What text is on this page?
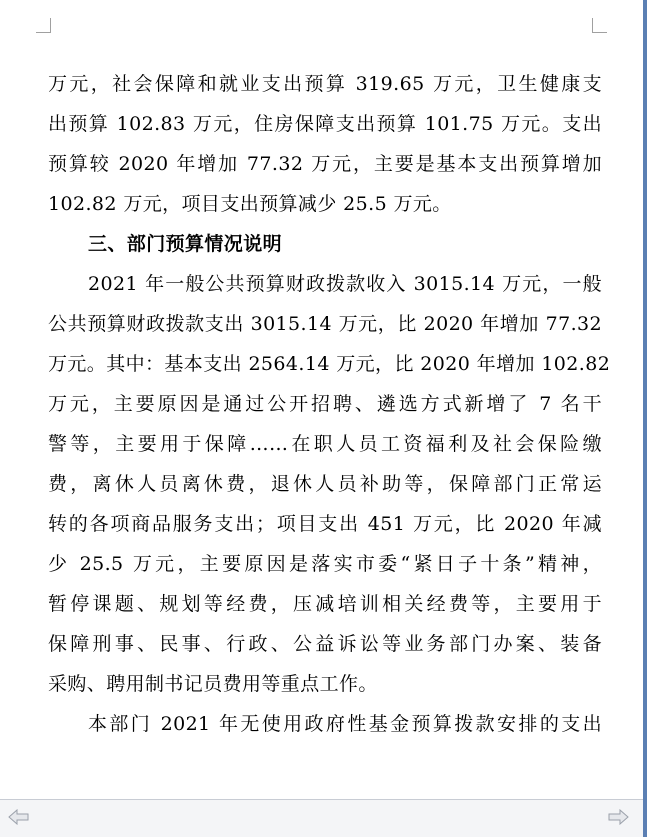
万元，社会保障和就业支出预算 319.65 万元，卫生健康支
出预算 102.83 万元，住房保障支出预算 101.75 万元。支出
预算较 2020 年增加 77.32 万元，主要是基本支出预算增加
102.82 万元，项目支出预算减少 25.5 万元。
三、部门预算情况说明
2021 年一般公共预算财政拨款收入 3015.14 万元，一般
公共预算财政拨款支出 3015.14 万元，比 2020 年增加 77.32
万元。其中：基本支出 2564.14 万元，比 2020 年增加 102.82
万元，主要原因是通过公开招聘、遴选方式新增了 7 名干
警等，主要用于保障……在职人员工资福利及社会保险缴
费，离休人员离休费，退休人员补助等，保障部门正常运
转的各项商品服务支出；项目支出 451 万元，比 2020 年减
少 25.5 万元，主要原因是落实市委“紧日子十条”精神，
暂停课题、规划等经费，压减培训相关经费等，主要用于
保障刑事、民事、行政、公益诉讼等业务部门办案、装备
采购、聘用制书记员费用等重点工作。
本部门 2021 年无使用政府性基金预算拨款安排的支出
